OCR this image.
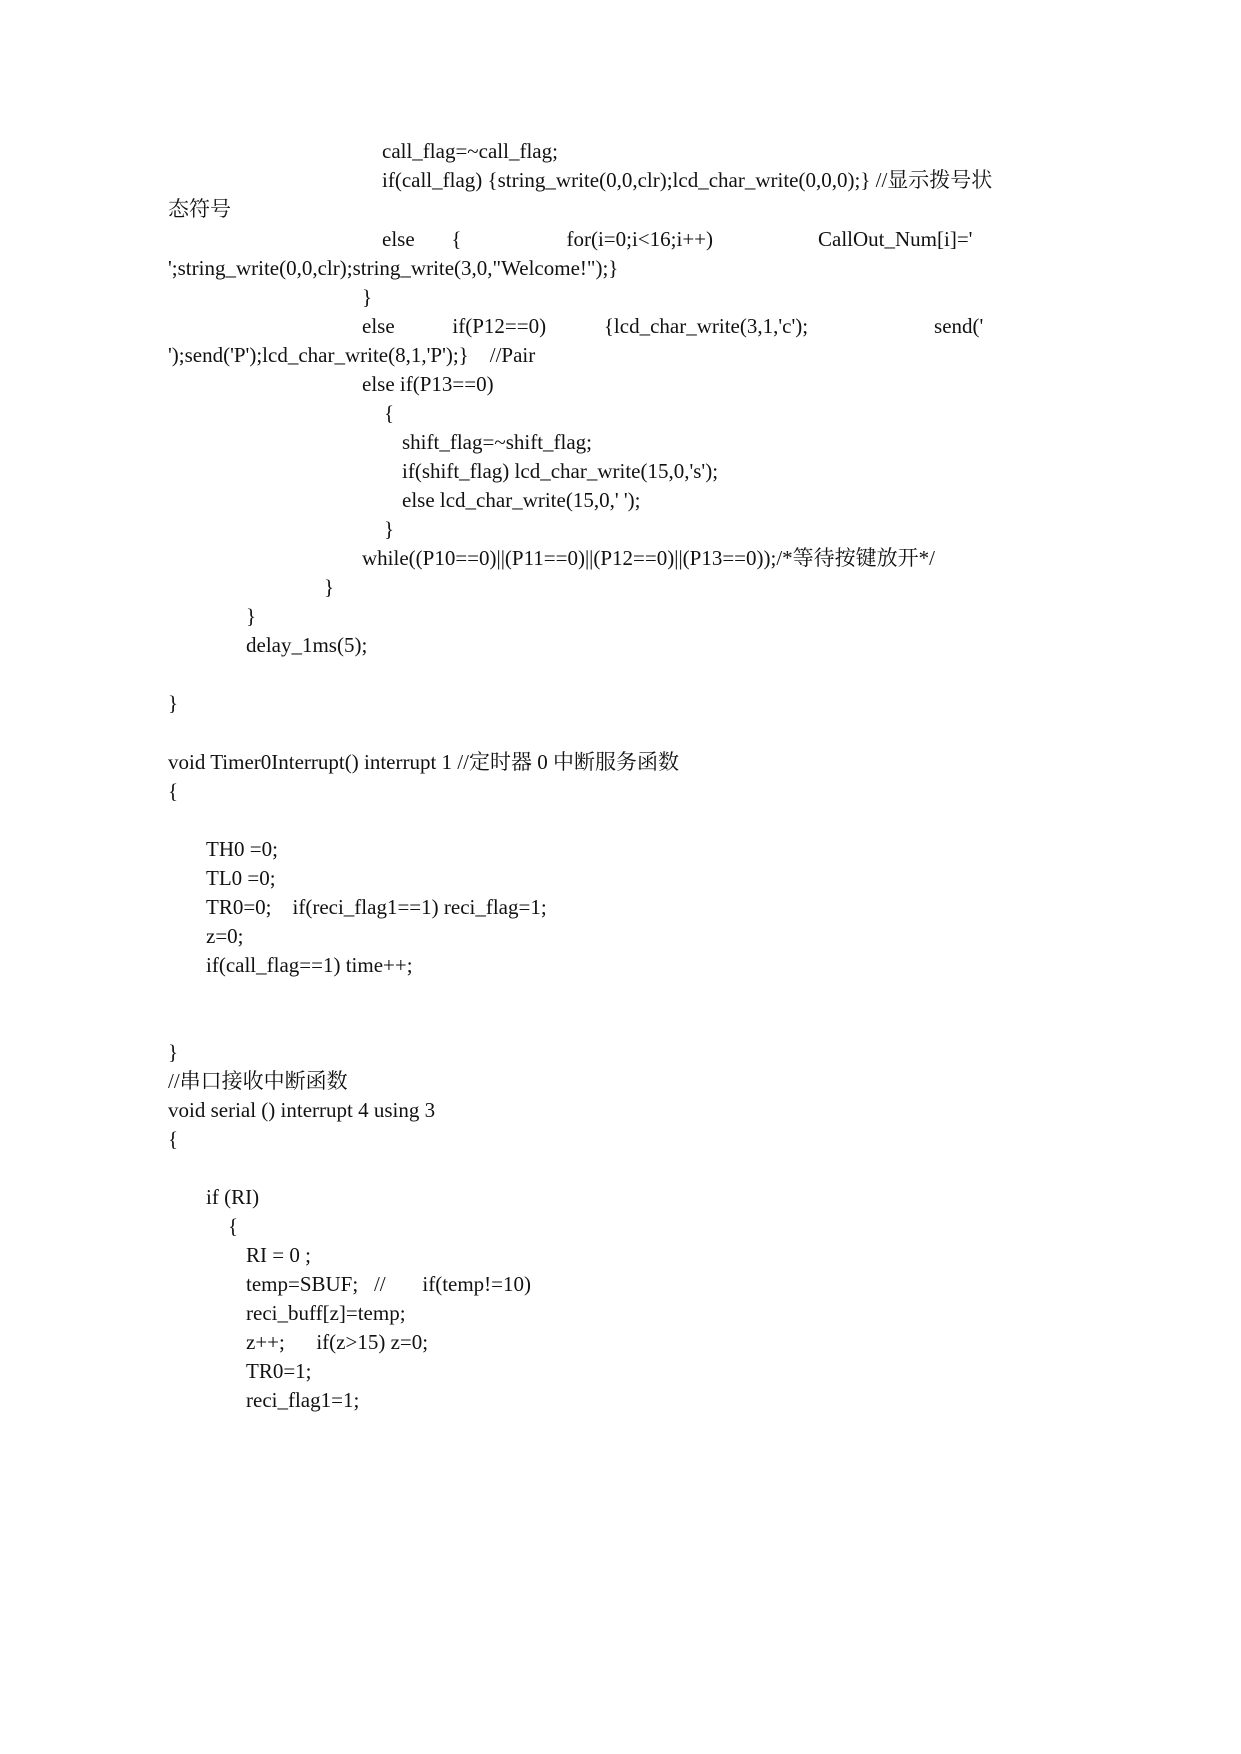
call_flag=~call_flag;
if(call_flag) {string_write(0,0,clr);lcd_char_write(0,0,0);} //显示拨号状
态符号
else       {                    for(i=0;i<16;i++)                    CallOut_Num[i]='
';string_write(0,0,clr);string_write(3,0,"Welcome!");}
}
else           if(P12==0)           {lcd_char_write(3,1,'c');                        send('
');send('P');lcd_char_write(8,1,'P');}    //Pair
else if(P13==0)
{
shift_flag=~shift_flag;
if(shift_flag) lcd_char_write(15,0,'s');
else lcd_char_write(15,0,' ');
}
while((P10==0)||(P11==0)||(P12==0)||(P13==0));/*等待按键放开*/
}
}
delay_1ms(5);
}
void Timer0Interrupt() interrupt 1 //定时器 0 中断服务函数
{
TH0 =0;
TL0 =0;
TR0=0;    if(reci_flag1==1) reci_flag=1;
z=0;
if(call_flag==1) time++;
}
//串口接收中断函数
void serial () interrupt 4 using 3
{
if (RI)
{
RI = 0 ;
temp=SBUF;   //       if(temp!=10)
reci_buff[z]=temp;
z++;      if(z>15) z=0;
TR0=1;
reci_flag1=1;
